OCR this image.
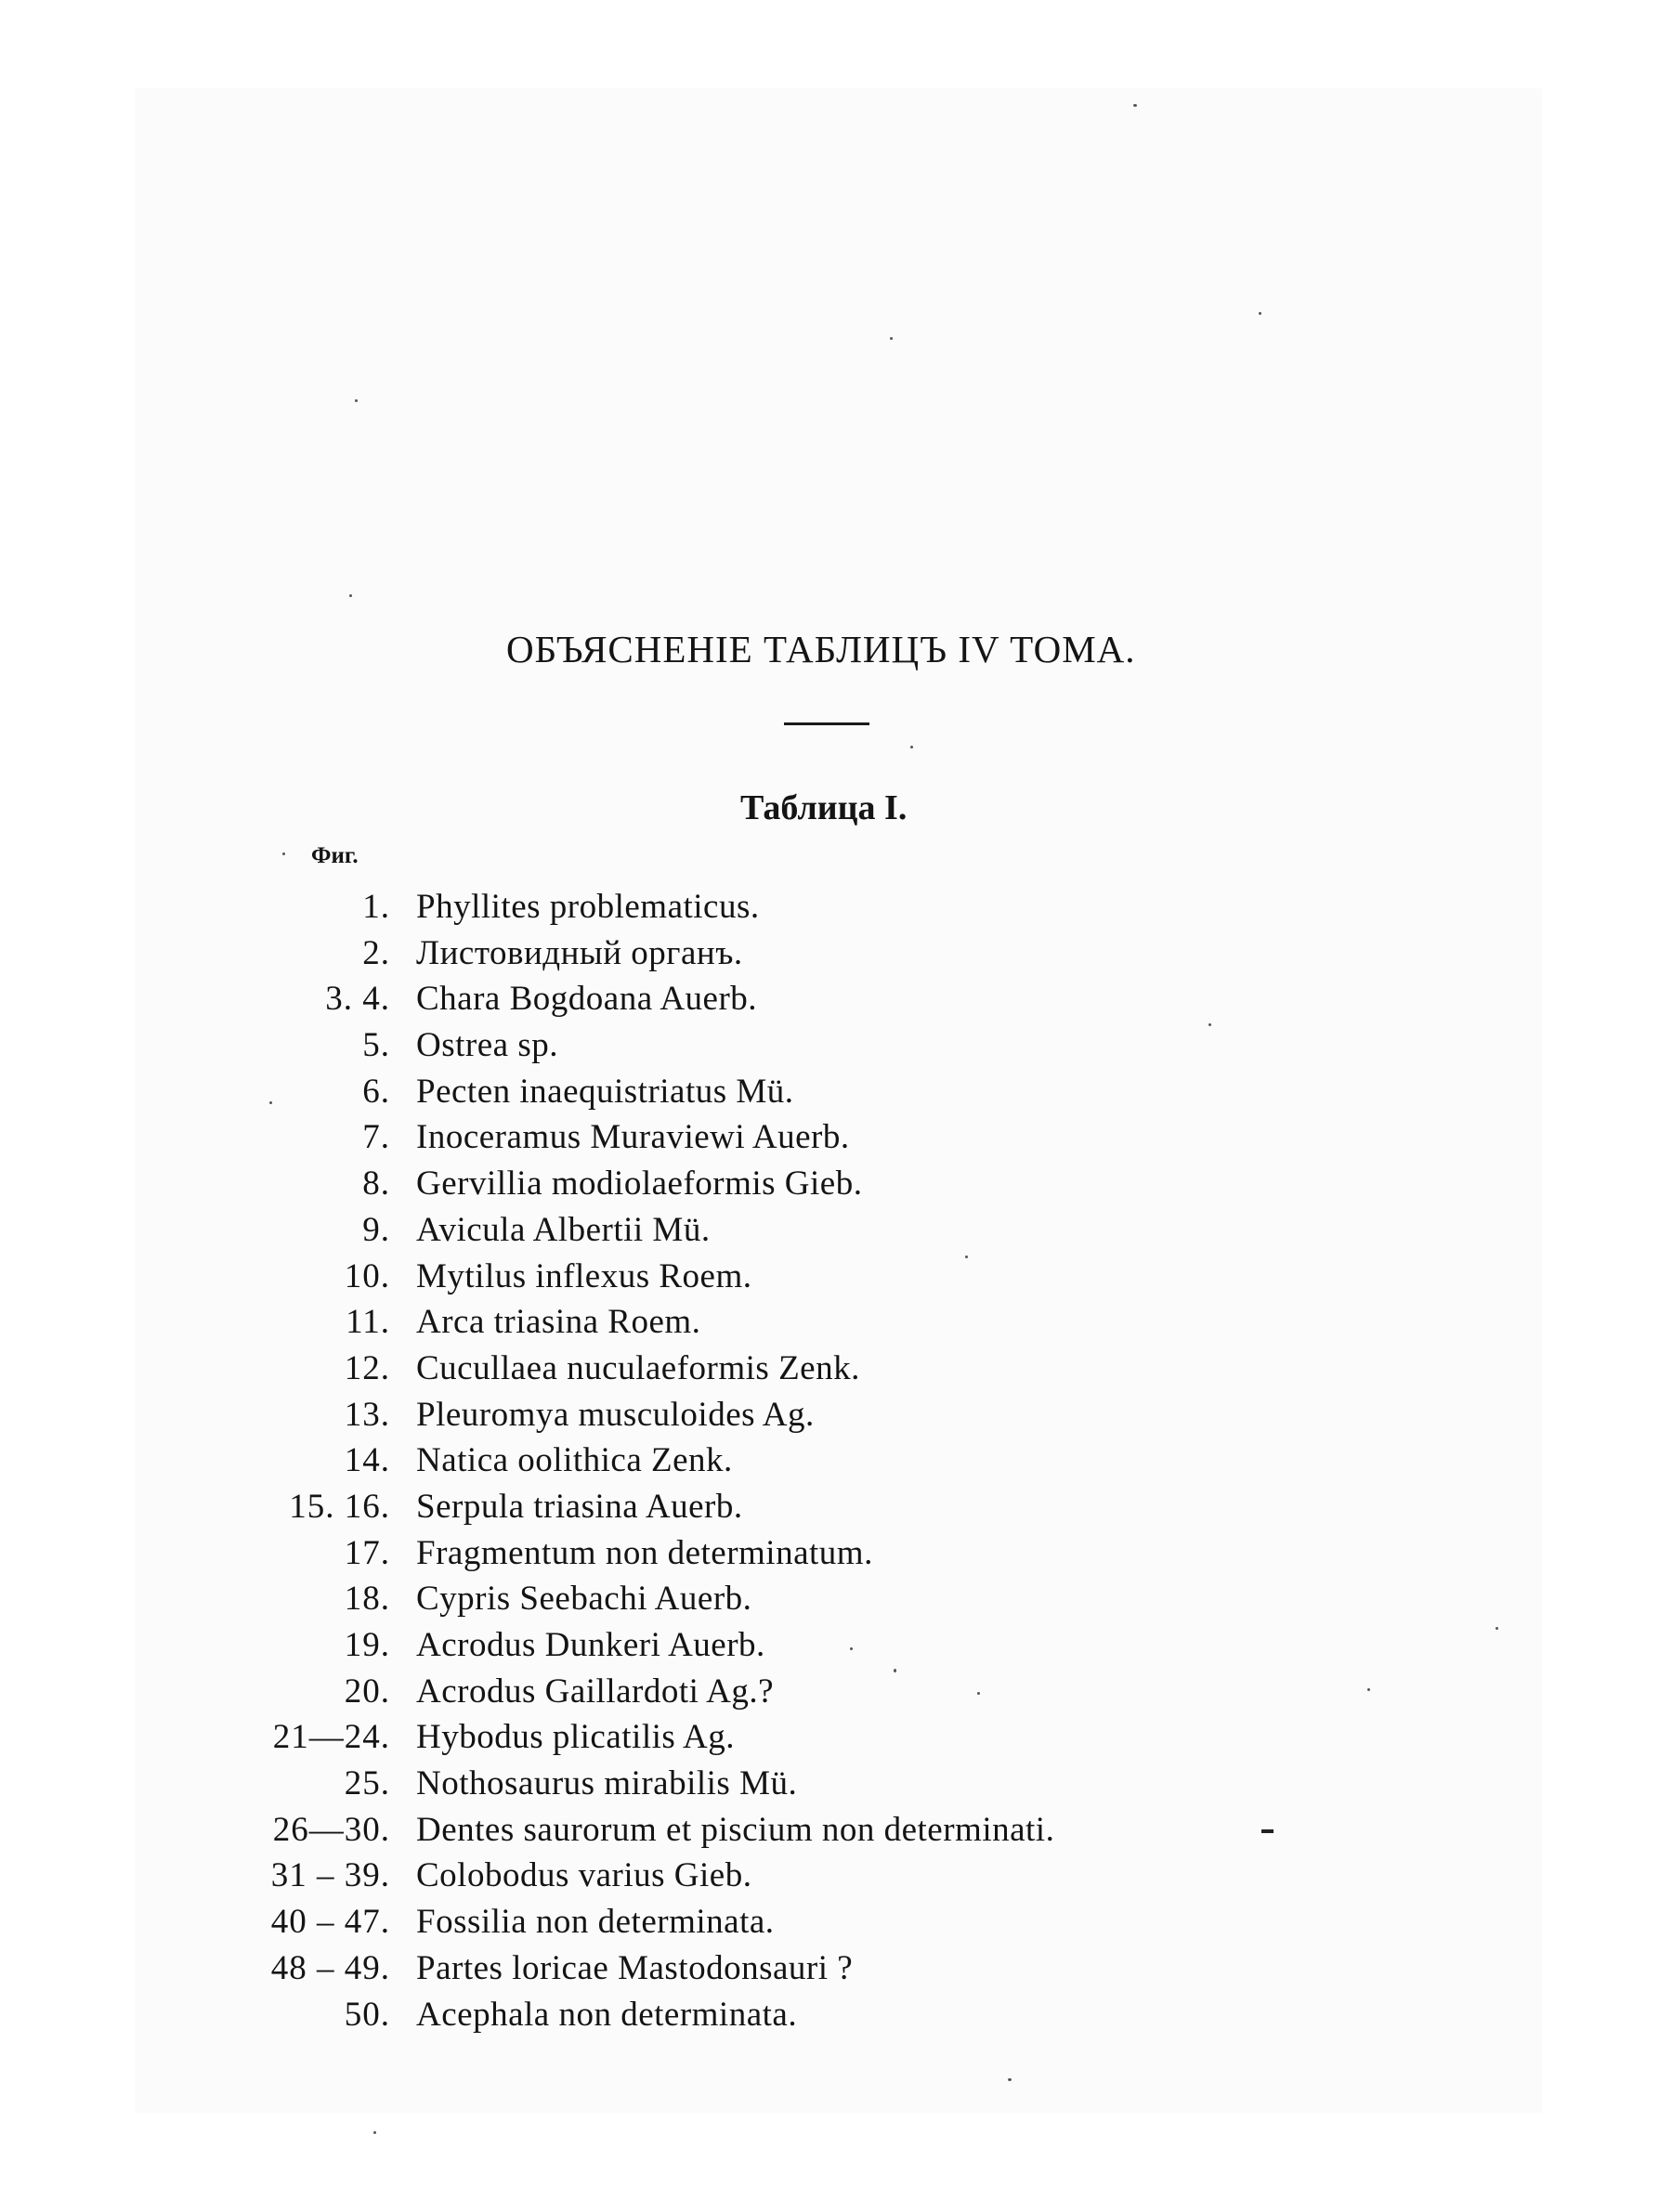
ОБЪЯСНЕНІЕ ТАБЛИЦЪ IV ТОМА.
Таблица I.
Фиг.
1. Phyllites problematicus.
2. Листовидный органъ.
3. 4. Chara Bogdoana Auerb.
5. Ostrea sp.
6. Pecten inaequistriatus Mü.
7. Inoceramus Muraviewi Auerb.
8. Gervillia modiolaeformis Gieb.
9. Avicula Albertii Mü.
10. Mytilus inflexus Roem.
11. Arca triasina Roem.
12. Cucullaea nuculaeformis Zenk.
13. Pleuromya musculoides Ag.
14. Natica oolithica Zenk.
15. 16. Serpula triasina Auerb.
17. Fragmentum non determinatum.
18. Cypris Seebachi Auerb.
19. Acrodus Dunkeri Auerb.
20. Acrodus Gaillardoti Ag.?
21—24. Hybodus plicatilis Ag.
25. Nothosaurus mirabilis Mü.
26—30. Dentes saurorum et piscium non determinati.
31 – 39. Colobodus varius Gieb.
40 – 47. Fossilia non determinata.
48 – 49. Partes loricae Mastodonsauri ?
50. Acephala non determinata.
